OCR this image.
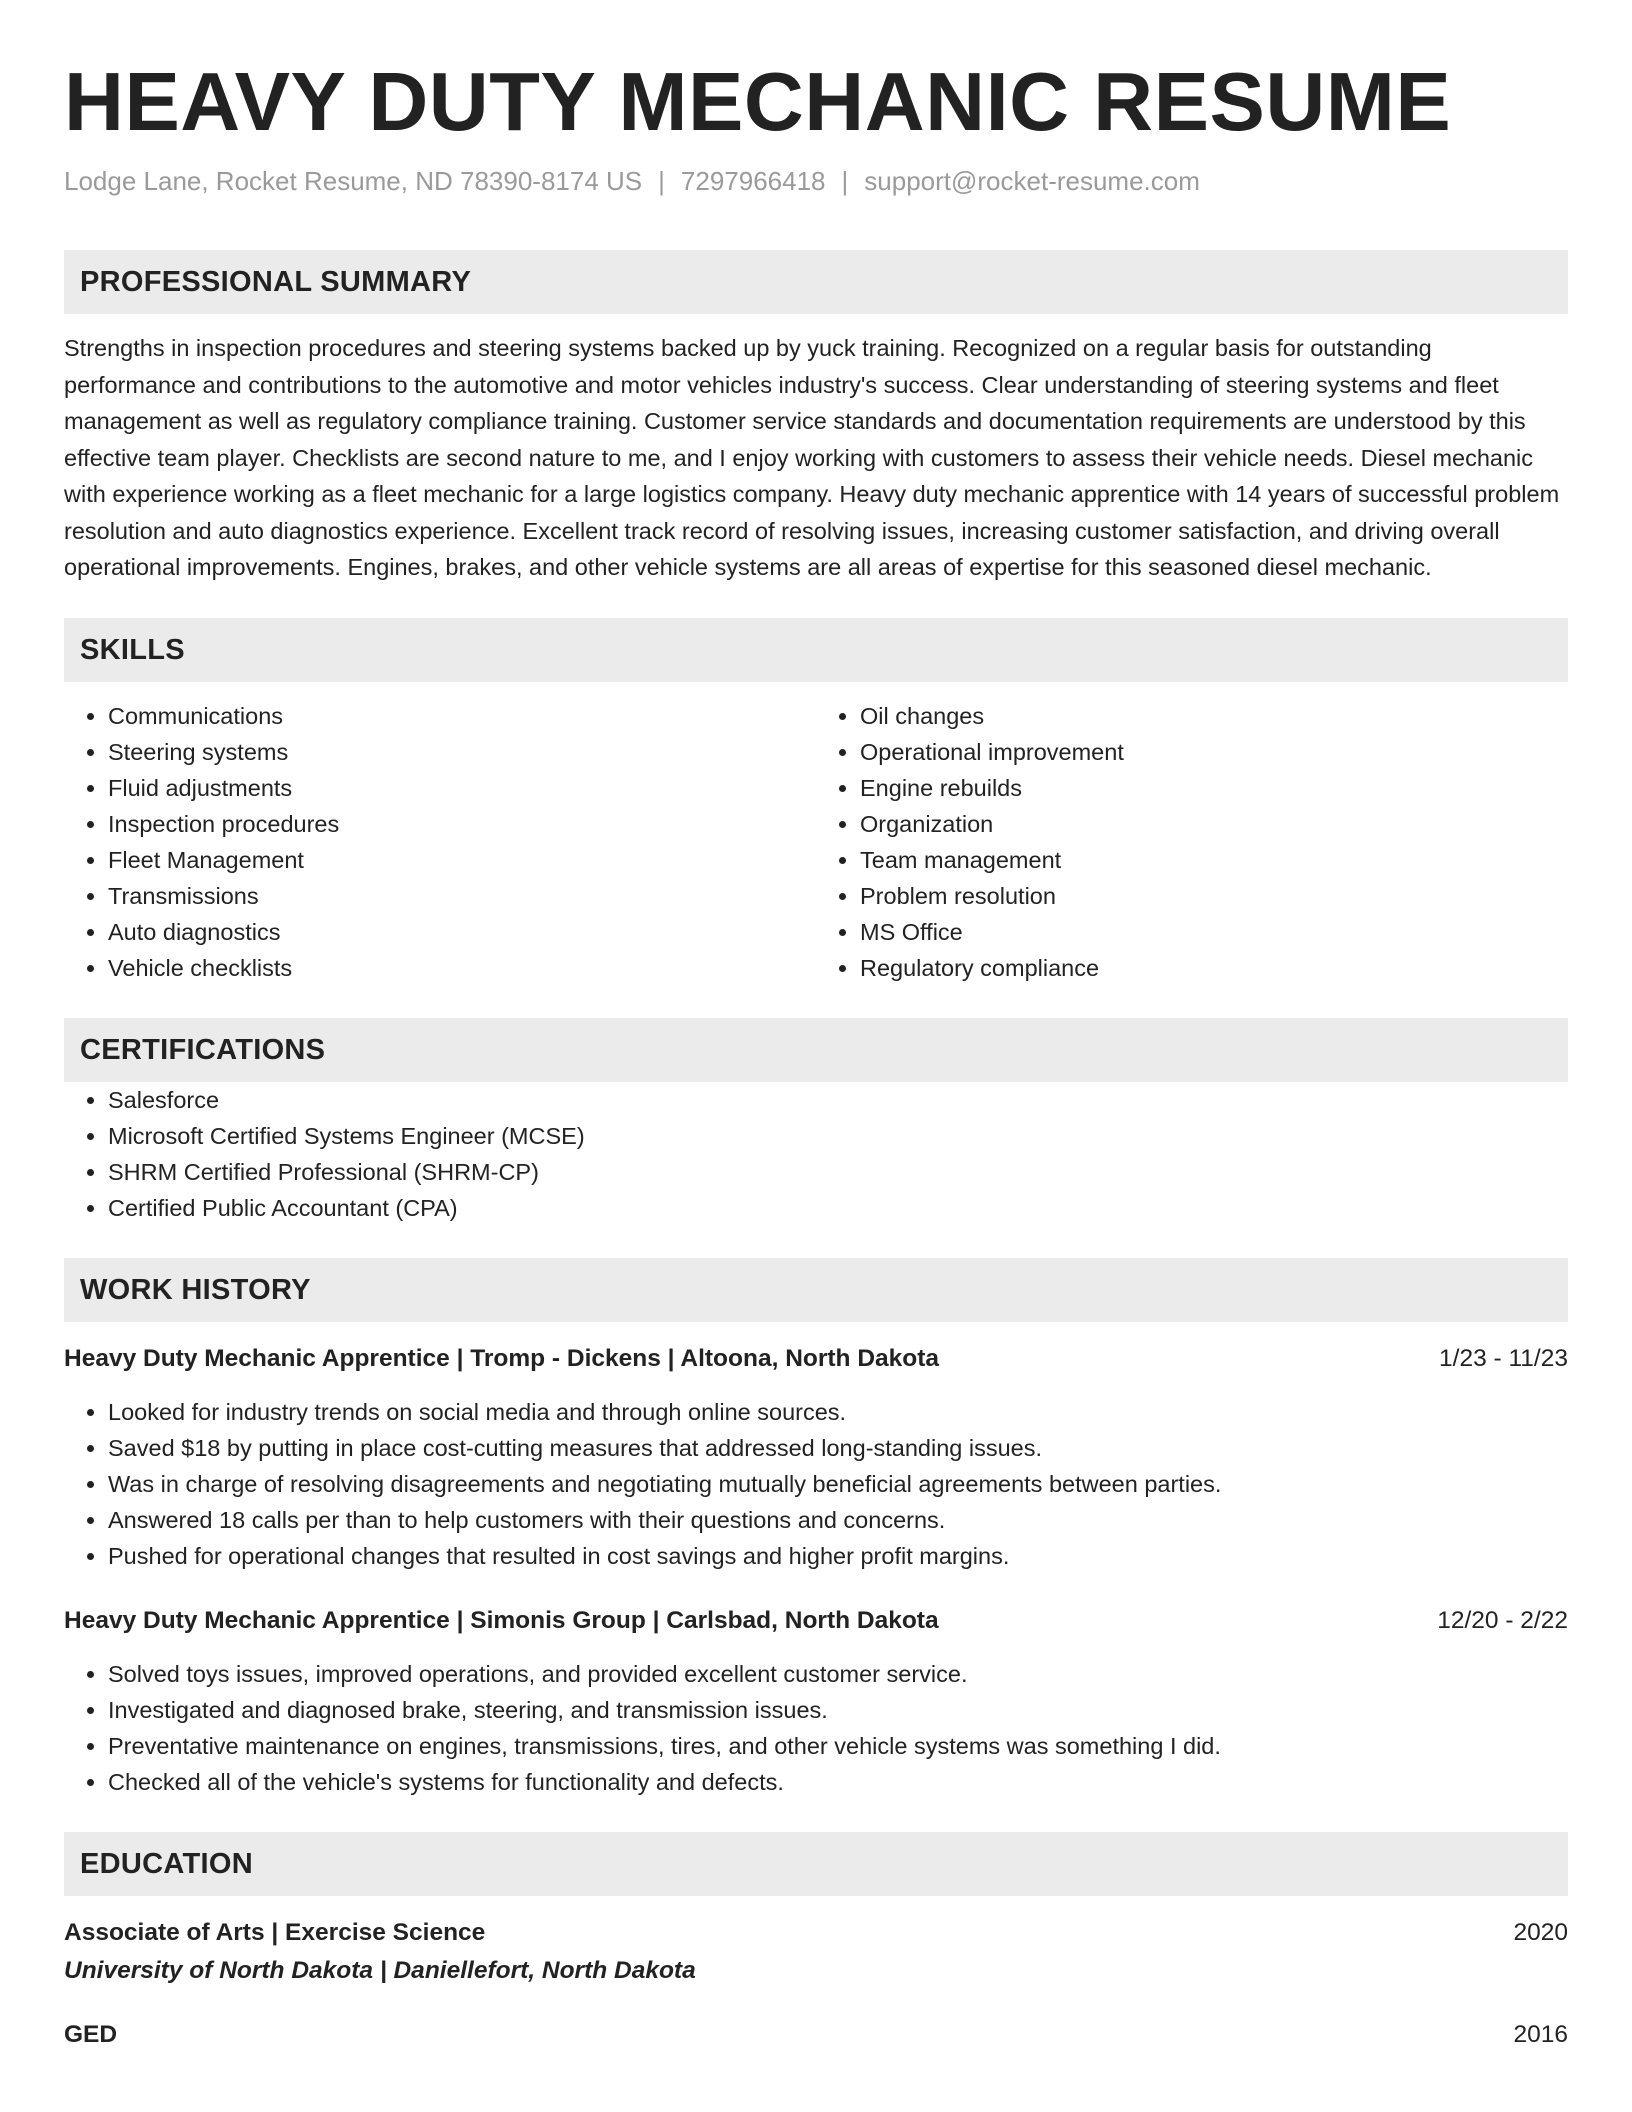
HEAVY DUTY MECHANIC RESUME
Lodge Lane, Rocket Resume, ND 78390-8174 US | 7297966418 | support@rocket-resume.com
PROFESSIONAL SUMMARY

Strengths in inspection procedures and steering systems backed up by yuck training. Recognized on a regular basis for outstanding performance and contributions to the automotive and motor vehicles industry's success. Clear understanding of steering systems and fleet management as well as regulatory compliance training. Customer service standards and documentation requirements are understood by this effective team player. Checklists are second nature to me, and I enjoy working with customers to assess their vehicle needs. Diesel mechanic with experience working as a fleet mechanic for a large logistics company. Heavy duty mechanic apprentice with 14 years of successful problem resolution and auto diagnostics experience. Excellent track record of resolving issues, increasing customer satisfaction, and driving overall operational improvements. Engines, brakes, and other vehicle systems are all areas of expertise for this seasoned diesel mechanic.

SKILLS
• Communications
• Steering systems
• Fluid adjustments
• Inspection procedures
• Fleet Management
• Transmissions
• Auto diagnostics
• Vehicle checklists
• Oil changes
• Operational improvement
• Engine rebuilds
• Organization
• Team management
• Problem resolution
• MS Office
• Regulatory compliance
CERTIFICATIONS
• Salesforce
• Microsoft Certified Systems Engineer (MCSE)
• SHRM Certified Professional (SHRM-CP)
• Certified Public Accountant (CPA)
WORK HISTORY
Heavy Duty Mechanic Apprentice | Tromp - Dickens | Altoona, North Dakota	1/23 - 11/23
• Looked for industry trends on social media and through online sources.
• Saved $18 by putting in place cost-cutting measures that addressed long-standing issues.
• Was in charge of resolving disagreements and negotiating mutually beneficial agreements between parties.
• Answered 18 calls per than to help customers with their questions and concerns.
• Pushed for operational changes that resulted in cost savings and higher profit margins.
Heavy Duty Mechanic Apprentice | Simonis Group | Carlsbad, North Dakota	12/20 - 2/22
• Solved toys issues, improved operations, and provided excellent customer service.
• Investigated and diagnosed brake, steering, and transmission issues.
• Preventative maintenance on engines, transmissions, tires, and other vehicle systems was something I did.
• Checked all of the vehicle's systems for functionality and defects.
EDUCATION
Associate of Arts | Exercise Science	2020
University of North Dakota | Daniellefort, North Dakota
GED	2016
